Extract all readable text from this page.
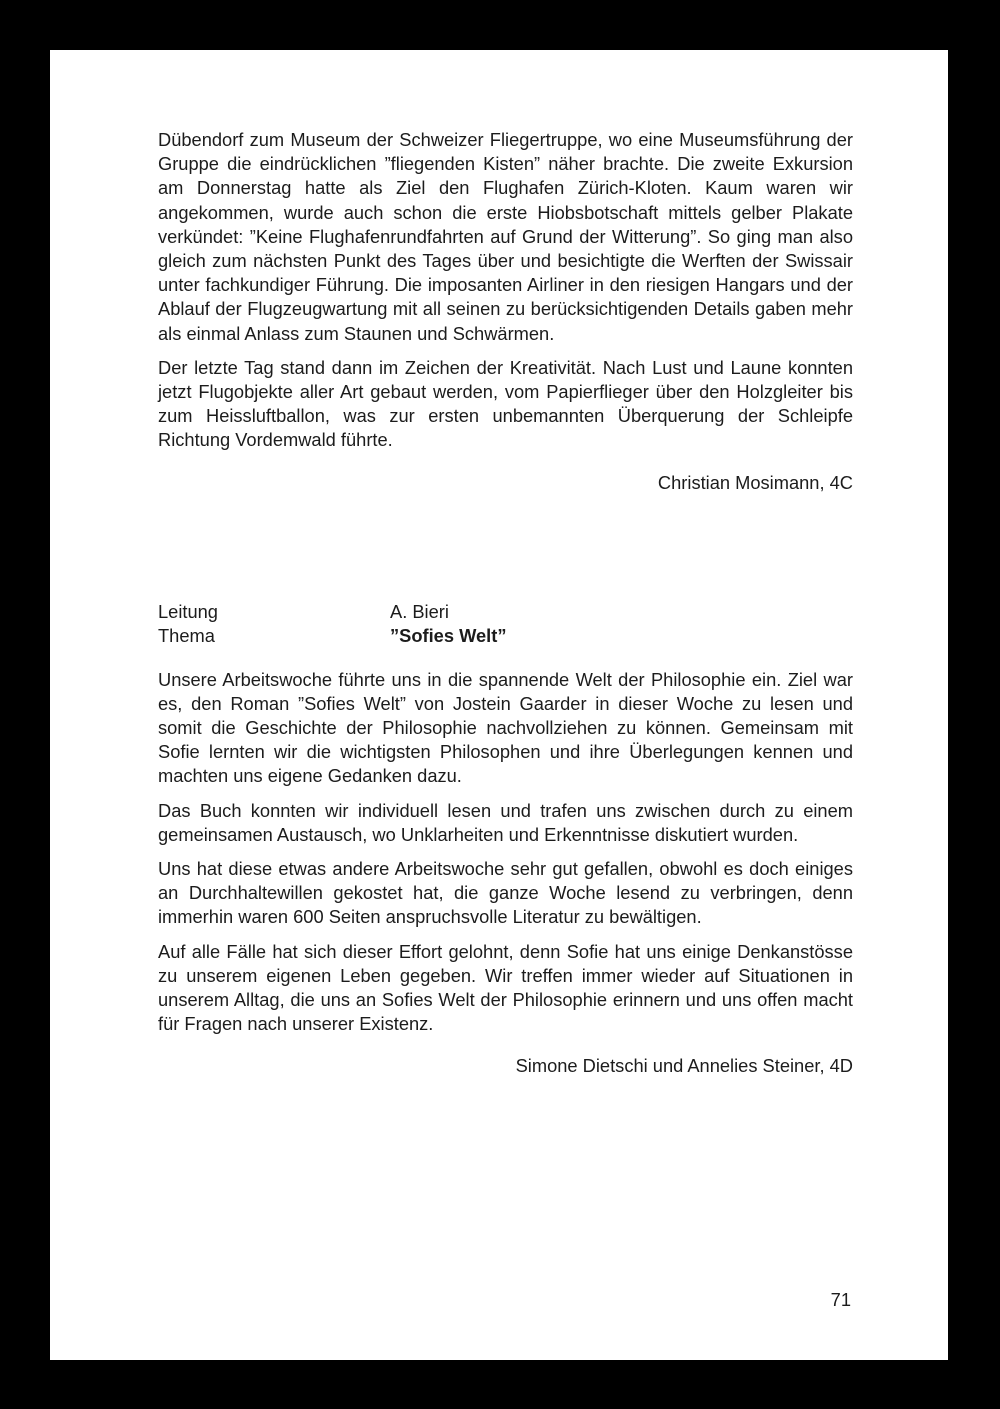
Dübendorf zum Museum der Schweizer Fliegertruppe, wo eine Museumsführung der Gruppe die eindrücklichen ”fliegenden Kisten” näher brachte. Die zweite Exkursion am Donnerstag hatte als Ziel den Flughafen Zürich-Kloten. Kaum waren wir angekommen, wurde auch schon die erste Hiobsbotschaft mittels gelber Plakate verkündet: ”Keine Flughafenrundfahrten auf Grund der Witterung”. So ging man also gleich zum nächsten Punkt des Tages über und besichtigte die Werften der Swissair unter fachkundiger Führung. Die imposanten Airliner in den riesigen Hangars und der Ablauf der Flugzeugwartung mit all seinen zu berücksichtigenden Details gaben mehr als einmal Anlass zum Staunen und Schwärmen.

Der letzte Tag stand dann im Zeichen der Kreativität. Nach Lust und Laune konnten jetzt Flugobjekte aller Art gebaut werden, vom Papierflieger über den Holzgleiter bis zum Heissluftballon, was zur ersten unbemannten Überquerung der Schleipfe Richtung Vordemwald führte.

Christian Mosimann, 4C

Leitung	A. Bieri
Thema	”Sofies Welt”

Unsere Arbeitswoche führte uns in die spannende Welt der Philosophie ein. Ziel war es, den Roman ”Sofies Welt” von Jostein Gaarder in dieser Woche zu lesen und somit die Geschichte der Philosophie nachvollziehen zu können. Gemeinsam mit Sofie lernten wir die wichtigsten Philosophen und ihre Überlegungen kennen und machten uns eigene Gedanken dazu.

Das Buch konnten wir individuell lesen und trafen uns zwischen durch zu einem gemeinsamen Austausch, wo Unklarheiten und Erkenntnisse diskutiert wurden.

Uns hat diese etwas andere Arbeitswoche sehr gut gefallen, obwohl es doch einiges an Durchhaltewillen gekostet hat, die ganze Woche lesend zu verbringen, denn immerhin waren 600 Seiten anspruchsvolle Literatur zu bewältigen.

Auf alle Fälle hat sich dieser Effort gelohnt, denn Sofie hat uns einige Denkanstösse zu unserem eigenen Leben gegeben. Wir treffen immer wieder auf Situationen in unserem Alltag, die uns an Sofies Welt der Philosophie erinnern und uns offen macht für Fragen nach unserer Existenz.

Simone Dietschi und Annelies Steiner, 4D

71
